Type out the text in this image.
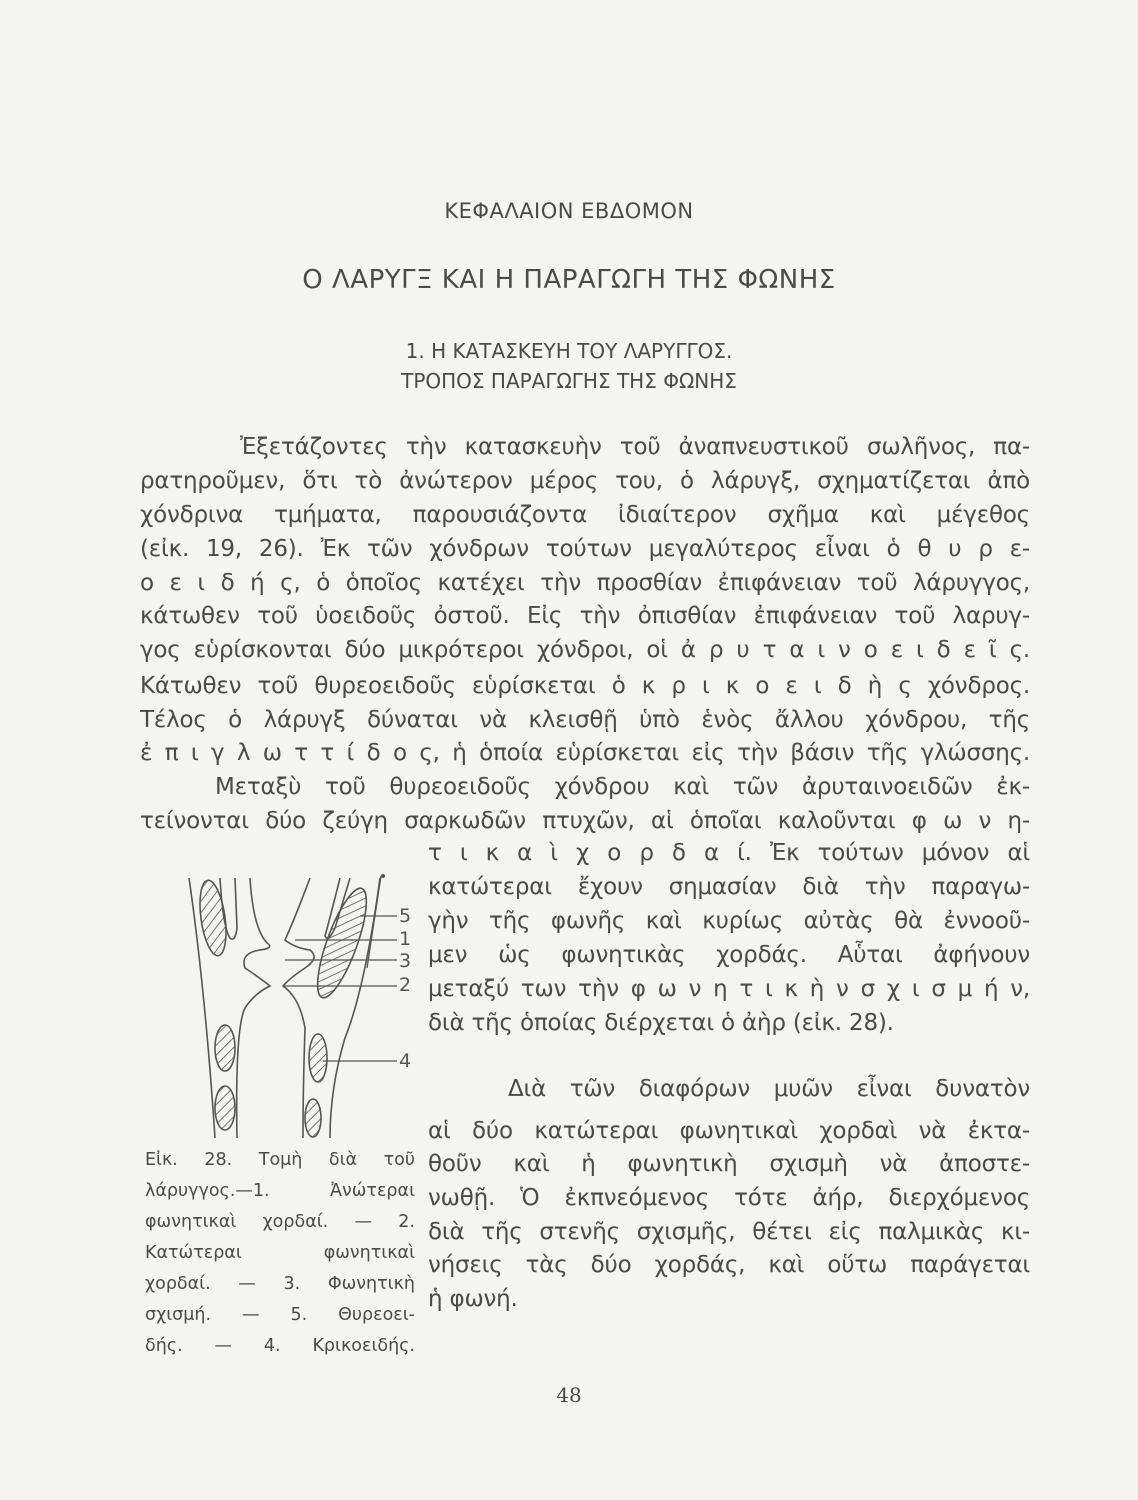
ΚΕΦΑΛΑΙΟΝ ΕΒΔΟΜΟΝ
Ο ΛΑΡΥΓΞ ΚΑΙ Η ΠΑΡΑΓΩΓΗ ΤΗΣ ΦΩΝΗΣ
1. Η ΚΑΤΑΣΚΕΥΗ ΤΟΥ ΛΑΡΥΓΓΟΣ.
ΤΡΟΠΟΣ ΠΑΡΑΓΩΓΗΣ ΤΗΣ ΦΩΝΗΣ
Ἐξετάζοντες τὴν κατασκευὴν τοῦ ἀναπνευστικοῦ σωλῆνος, πα-
ρατηροῦμεν, ὅτι τὸ ἀνώτερον μέρος του, ὁ λάρυγξ, σχηματίζεται ἀπὸ
χόνδρινα τμήματα, παρουσιάζοντα ἰδιαίτερον σχῆμα καὶ μέγεθος
(εἰκ. 19, 26). Ἐκ τῶν χόνδρων τούτων μεγαλύτερος εἶναι ὁ θ υ ρ ε-
ο ε ι δ ή ς, ὁ ὁποῖος κατέχει τὴν προσθίαν ἐπιφάνειαν τοῦ λάρυγγος,
κάτωθεν τοῦ ὑοειδοῦς ὀστοῦ. Εἰς τὴν ὀπισθίαν ἐπιφάνειαν τοῦ λαρυγ-
γος εὑρίσκονται δύο μικρότεροι χόνδροι, οἱ ἀ ρ υ τ α ι ν ο ε ι δ ε ῖ ς.
Κάτωθεν τοῦ θυρεοειδοῦς εὑρίσκεται ὁ κ ρ ι κ ο ε ι δ ὴ ς χόνδρος.
Τέλος ὁ λάρυγξ δύναται νὰ κλεισθῇ ὑπὸ ἑνὸς ἄλλου χόνδρου, τῆς
ἐ π ι γ λ ω τ τ ί δ ο ς, ἡ ὁποία εὑρίσκεται εἰς τὴν βάσιν τῆς γλώσσης.
Μεταξὺ τοῦ θυρεοειδοῦς χόνδρου καὶ τῶν ἀρυταινοειδῶν ἐκ-
τείνονται δύο ζεύγη σαρκωδῶν πτυχῶν, αἱ ὁποῖαι καλοῦνται φ ω ν η-
τ ι κ α ὶ χ ο ρ δ α ί. Ἐκ τούτων μόνον αἱ
κατώτεραι ἔχουν σημασίαν διὰ τὴν παραγω-
γὴν τῆς φωνῆς καὶ κυρίως αὐτὰς θὰ ἐννοοῦ-
μεν ὡς φωνητικὰς χορδάς. Αὗται ἀφήνουν
μεταξύ των τὴν φ ω ν η τ ι κ ὴ ν σ χ ι σ μ ή ν,
διὰ τῆς ὁποίας διέρχεται ὁ ἀὴρ (εἰκ. 28).
Διὰ τῶν διαφόρων μυῶν εἶναι δυνατὸν
αἱ δύο κατώτεραι φωνητικαὶ χορδαὶ νὰ ἐκτα-
θοῦν καὶ ἡ φωνητικὴ σχισμὴ νὰ ἀποστε-
νωθῇ. Ὁ ἐκπνεόμενος τότε ἀήρ, διερχόμενος
διὰ τῆς στενῆς σχισμῆς, θέτει εἰς παλμικὰς κι-
νήσεις τὰς δύο χορδάς, καὶ οὕτω παράγεται
ἡ φωνή.
5
1
3
2
4
Εἰκ. 28. Τομὴ διὰ τοῦ
λάρυγγος.—1. Ἀνώτεραι
φωνητικαὶ χορδαί. — 2.
Κατώτεραι φωνητικαὶ
χορδαί. — 3. Φωνητικὴ
σχισμή. — 5. Θυρεοει-
δής. — 4. Κρικοειδής.
48
